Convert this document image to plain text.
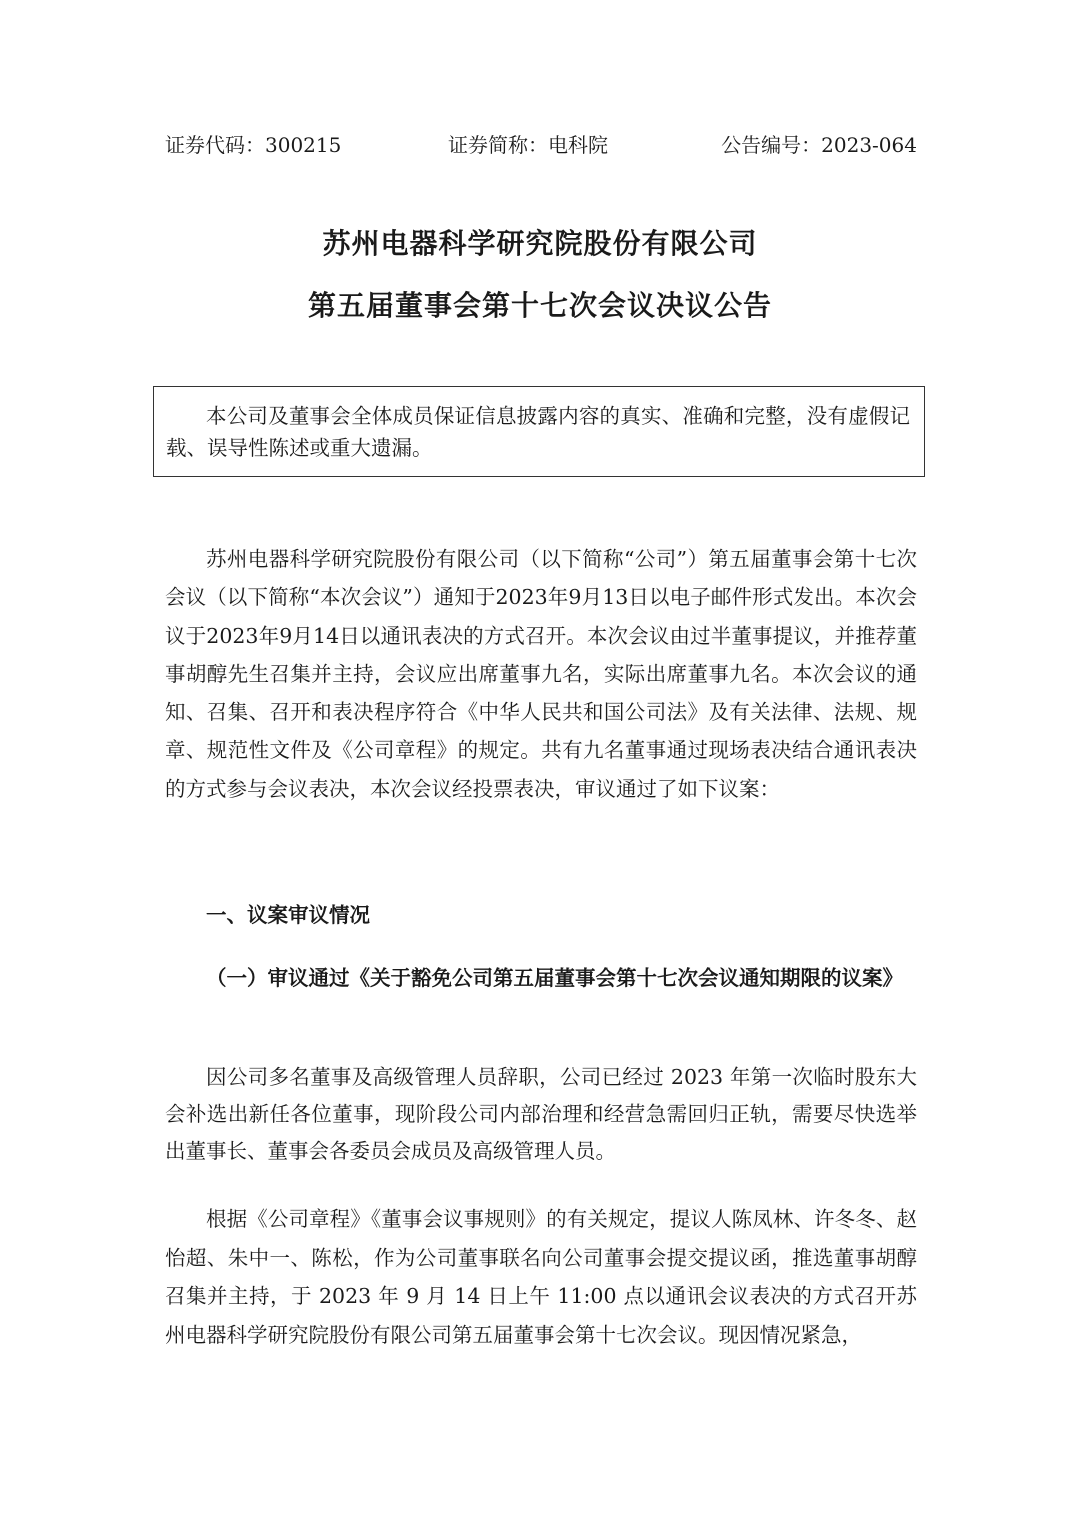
证券代码：300215	证券简称：电科院	公告编号：2023-064
苏州电器科学研究院股份有限公司
第五届董事会第十七次会议决议公告

本公司及董事会全体成员保证信息披露内容的真实、准确和完整，没有虚假记载、误导性陈述或重大遗漏。

苏州电器科学研究院股份有限公司（以下简称“公司”）第五届董事会第十七次会议（以下简称“本次会议”）通知于2023年9月13日以电子邮件形式发出。本次会议于2023年9月14日以通讯表决的方式召开。本次会议由过半董事提议，并推荐董事胡醇先生召集并主持，会议应出席董事九名，实际出席董事九名。本次会议的通知、召集、召开和表决程序符合《中华人民共和国公司法》及有关法律、法规、规章、规范性文件及《公司章程》的规定。共有九名董事通过现场表决结合通讯表决的方式参与会议表决，本次会议经投票表决，审议通过了如下议案：

一、议案审议情况

（一）审议通过《关于豁免公司第五届董事会第十七次会议通知期限的议案》

因公司多名董事及高级管理人员辞职，公司已经过 2023 年第一次临时股东大会补选出新任各位董事，现阶段公司内部治理和经营急需回归正轨，需要尽快选举出董事长、董事会各委员会成员及高级管理人员。

根据《公司章程》《董事会议事规则》的有关规定，提议人陈凤林、许冬冬、赵怡超、朱中一、陈松，作为公司董事联名向公司董事会提交提议函，推选董事胡醇召集并主持，于 2023 年 9 月 14 日上午 11:00 点以通讯会议表决的方式召开苏州电器科学研究院股份有限公司第五届董事会第十七次会议。现因情况紧急，
